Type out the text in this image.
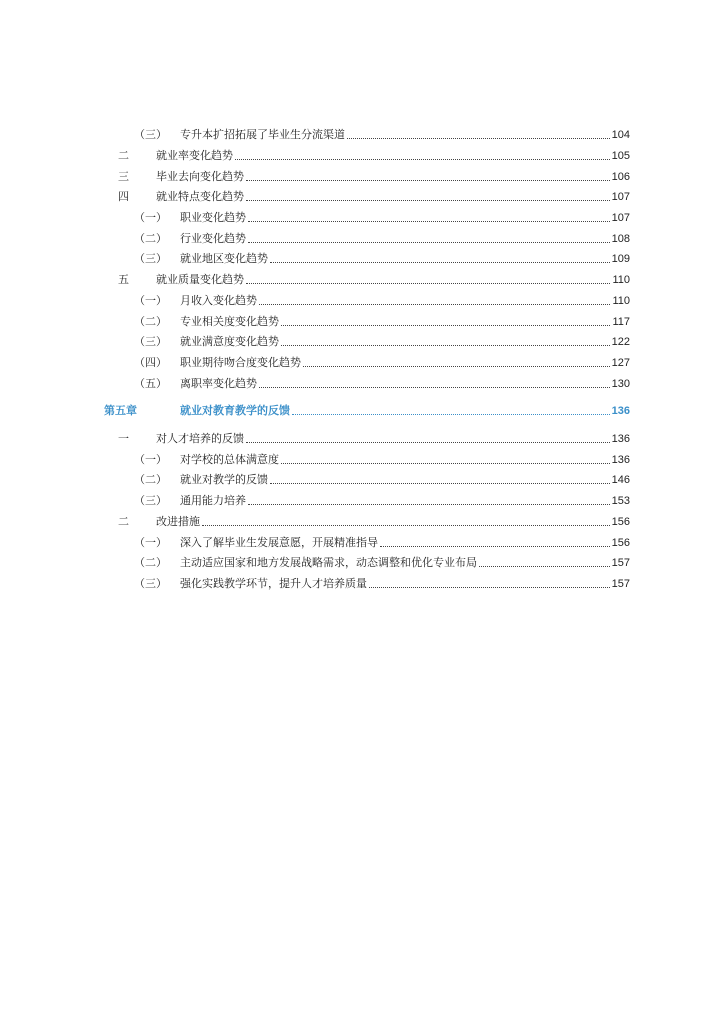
（三）	专升本扩招拓展了毕业生分流渠道	104
二	就业率变化趋势	105
三	毕业去向变化趋势	106
四	就业特点变化趋势	107
（一）	职业变化趋势	107
（二）	行业变化趋势	108
（三）	就业地区变化趋势	109
五	就业质量变化趋势	110
（一）	月收入变化趋势	110
（二）	专业相关度变化趋势	117
（三）	就业满意度变化趋势	122
（四）	职业期待吻合度变化趋势	127
（五）	离职率变化趋势	130
第五章	就业对教育教学的反馈	136
一	对人才培养的反馈	136
（一）	对学校的总体满意度	136
（二）	就业对教学的反馈	146
（三）	通用能力培养	153
二	改进措施	156
（一）	深入了解毕业生发展意愿，开展精准指导	156
（二）	主动适应国家和地方发展战略需求，动态调整和优化专业布局	157
（三）	强化实践教学环节，提升人才培养质量	157
